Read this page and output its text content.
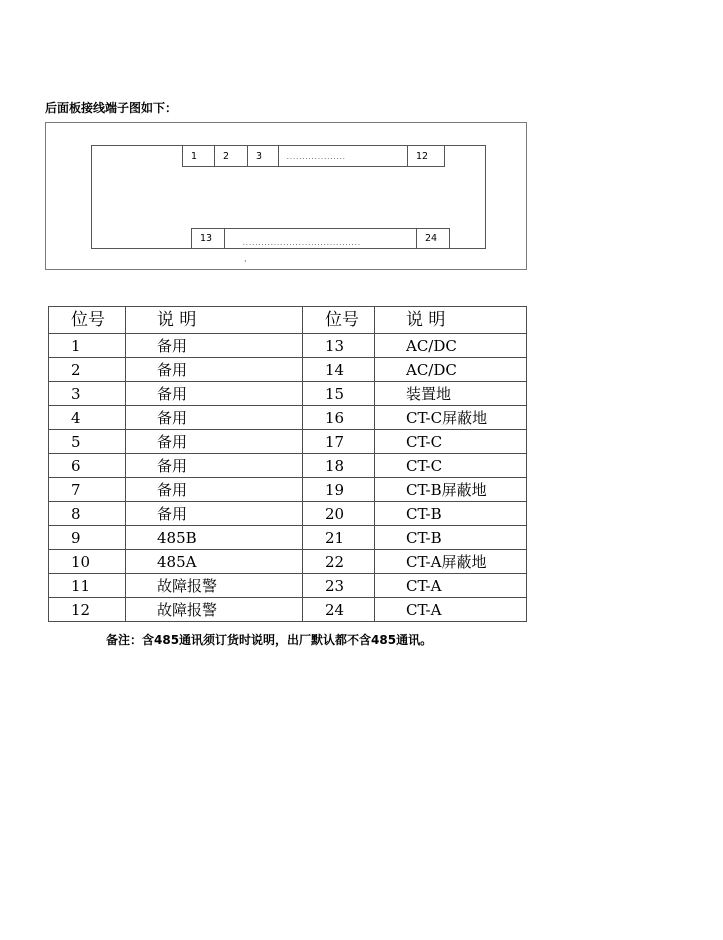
后面板接线端子图如下：
1	2	3	...................	12
13	......................................	24
·
位号	说 明	位号	说 明
1	备用	13	AC/DC
2	备用	14	AC/DC
3	备用	15	装置地
4	备用	16	CT-C屏蔽地
5	备用	17	CT-C
6	备用	18	CT-C
7	备用	19	CT-B屏蔽地
8	备用	20	CT-B
9	485B	21	CT-B
10	485A	22	CT-A屏蔽地
11	故障报警	23	CT-A
12	故障报警	24	CT-A
备注：含485通讯须订货时说明，出厂默认都不含485通讯。
